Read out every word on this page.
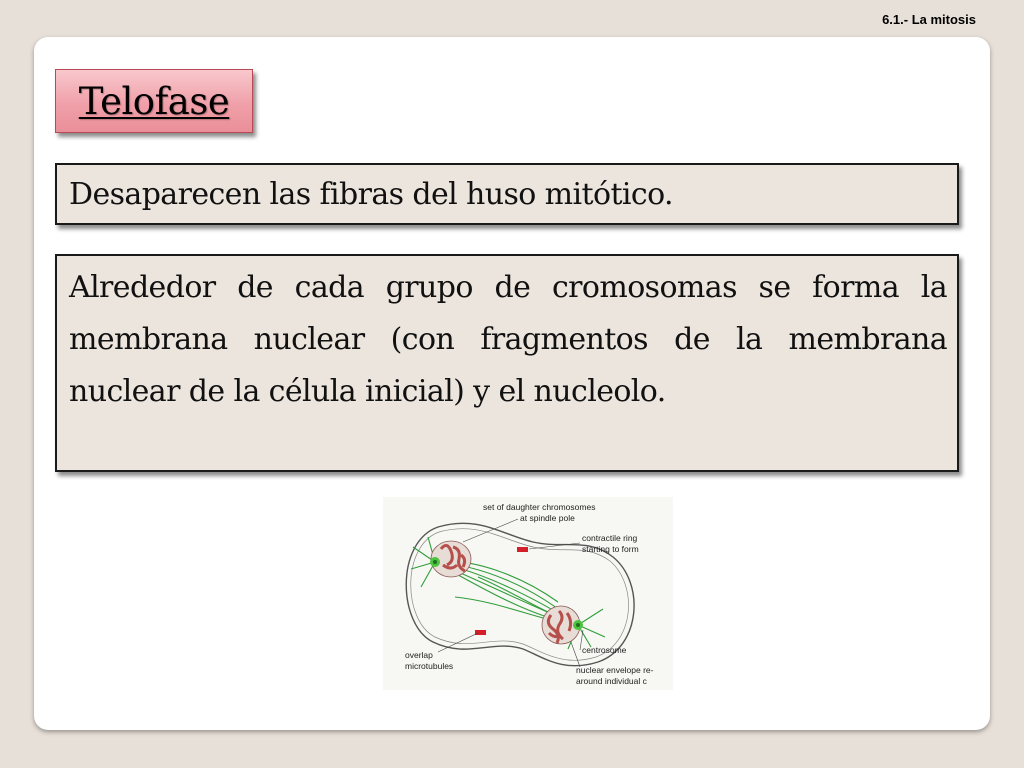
6.1.- La mitosis
Telofase
Desaparecen las fibras del huso mitótico.
Alrededor de cada grupo de cromosomas se forma la membrana nuclear (con fragmentos de la membrana nuclear de la célula inicial) y el nucleolo.
set of daughter chromosomes
at spindle pole
contractile ring
starting to form
centrosome
nuclear envelope re-
around individual c
overlap
microtubules
